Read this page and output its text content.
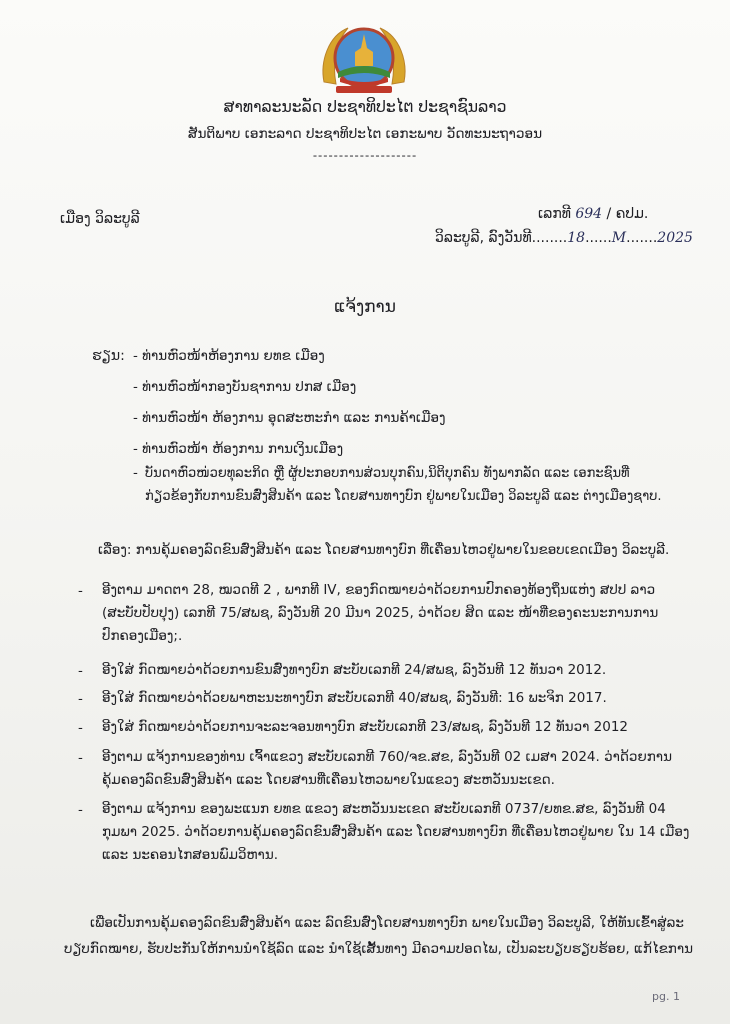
ສາທາລະນະລັດ ປະຊາທິປະໄຕ ປະຊາຊົນລາວ
ສັນຕິພາບ ເອກະລາດ ປະຊາທິປະໄຕ ເອກະພາບ ວັດທະນະຖາວອນ
--------------------
ເມືອງ ວິລະບູລີ	ເລກທີ 694 / ຄປມ.
ວິລະບູລີ, ລົງວັນທີ........18......M.......2025
ແຈ້ງການ
ຮຽນ: - ທ່ານຫົວໜ້າຫ້ອງການ ຍທຂ ເມືອງ
- ທ່ານຫົວໜ້າກອງບັນຊາການ ປກສ ເມືອງ
- ທ່ານຫົວໜ້າ ຫ້ອງການ ອຸດສະຫະກຳ ແລະ ການຄ້າເມືອງ
- ທ່ານຫົວໜ້າ ຫ້ອງການ ການເງິນເມືອງ
- ບັນດາຫົວໜ່ວຍທຸລະກິດ ຫຼື ຜູ້ປະກອບການສ່ວນບຸກຄົນ,ນິຕິບຸກຄົນ ທັງພາກລັດ ແລະ ເອກະຊົນທີ່
ກ່ຽວຂ້ອງກັບການຂົນສົ່ງສິນຄ້າ ແລະ ໂດຍສານທາງບົກ ຢູ່ພາຍໃນເມືອງ ວິລະບູລີ ແລະ ຕ່າງເມືອງຊາບ.
ເລື່ອງ: ການຄຸ້ມຄອງລົດຂົນສົ່ງສິນຄ້າ ແລະ ໂດຍສານທາງບົກ ທີ່ເຄື່ອນໄຫວຢູ່ພາຍໃນຂອບເຂດເມືອງ ວິລະບູລີ.
- ອີງຕາມ ມາດຕາ 28, ໝວດທີ 2 , ພາກທີ IV, ຂອງກົດໝາຍວ່າດ້ວຍການປົກຄອງທ້ອງຖິ່ນແຫ່ງ ສປປ ລາວ
(ສະບັບປັບປຸງ) ເລກທີ 75/ສພຊ, ລົງວັນທີ 20 ມີນາ 2025, ວ່າດ້ວຍ ສິດ ແລະ ໜ້າທີ່ຂອງຄະນະການການ
ປົກຄອງເມືອງ;.
- ອີງໃສ່ ກົດໝາຍວ່າດ້ວຍການຂົນສົ່ງທາງບົກ ສະບັບເລກທີ 24/ສພຊ, ລົງວັນທີ 12 ທັນວາ 2012.
- ອີງໃສ່ ກົດໝາຍວ່າດ້ວຍພາຫະນະທາງບົກ ສະບັບເລກທີ 40/ສພຊ, ລົງວັນທີ: 16 ພະຈິກ 2017.
- ອີງໃສ່ ກົດໝາຍວ່າດ້ວຍການຈະລະຈອນທາງບົກ ສະບັບເລກທີ 23/ສພຊ, ລົງວັນທີ 12 ທັນວາ 2012
- ອີງຕາມ ແຈ້ງການຂອງທ່ານ ເຈົ້າແຂວງ ສະບັບເລກທີ 760/ຈຂ.ສຂ, ລົງວັນທີ 02 ເມສາ 2024. ວ່າດ້ວຍການ
ຄຸ້ມຄອງລົດຂົນສົ່ງສິນຄ້າ ແລະ ໂດຍສານທີ່ເຄື່ອນໄຫວພາຍໃນແຂວງ ສະຫວັນນະເຂດ.
- ອີງຕາມ ແຈ້ງການ ຂອງພະແນກ ຍທຂ ແຂວງ ສະຫວັນນະເຂດ ສະບັບເລກທີ 0737/ຍທຂ.ສຂ, ລົງວັນທີ 04
ກຸມພາ 2025. ວ່າດ້ວຍການຄຸ້ມຄອງລົດຂົນສົ່ງສິນຄ້າ ແລະ ໂດຍສານທາງບົກ ທີ່ເຄື່ອນໄຫວຢູ່ພາຍ ໃນ 14 ເມືອງ
ແລະ ນະຄອນໄກສອນພົມວິຫານ.
ເພື່ອເປັນການຄຸ້ມຄອງລົດຂົນສົ່ງສິນຄ້າ ແລະ ລົດຂົນສົ່ງໂດຍສານທາງບົກ ພາຍໃນເມືອງ ວິລະບູລີ, ໃຫ້ທັນເຂົ້າສູ່ລະ
ບຽບກົດໝາຍ, ຮັບປະກັນໃຫ້ການນຳໃຊ້ລົດ ແລະ ນຳໃຊ້ເສັ້ນທາງ ມີຄວາມປອດໄພ, ເປັນລະບຽບຮຽບຮ້ອຍ, ແກ້ໄຂການ
pg. 1
